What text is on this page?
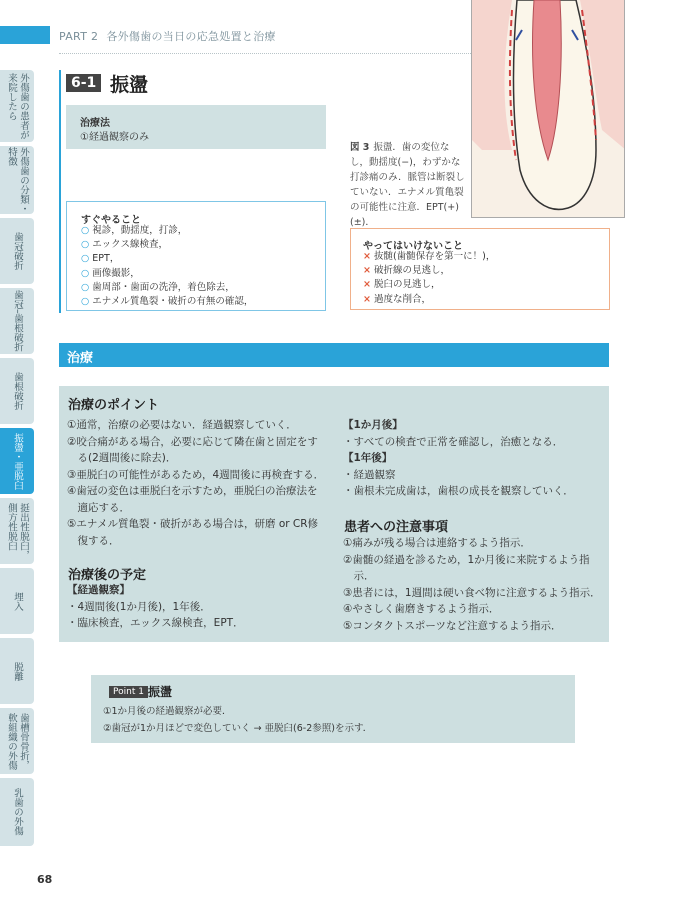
PART 2 各外傷歯の当日の応急処置と治療
外傷歯の患者が
来院したら
外傷歯の分類・
特徴
歯冠破折
歯冠–歯根破折
歯根破折
振盪・亜脱臼
挺出性脱臼，
側方性脱臼
埋入
脱離
歯槽骨骨折，
軟組織の外傷
乳歯の外傷
6-1 振盪
治療法
①経過観察のみ
すぐやること
○ 視診，動揺度，打診，
○ エックス線検査，
○ EPT，
○ 画像撮影，
○ 歯周部・歯面の洗浄，着色除去，
○ エナメル質亀裂・破折の有無の確認，
図 3 振盪．歯の変位なし，動揺度(−)，わずかな打診痛のみ．脈管は断裂していない．エナメル質亀裂の可能性に注意．EPT(+)(±)．
やってはいけないこと
× 抜髄(歯髄保存を第一に！)，
× 破折線の見逃し，
× 脱臼の見逃し，
× 過度な削合，
治療
治療のポイント
①通常，治療の必要はない．経過観察していく．
②咬合痛がある場合，必要に応じて隣在歯と固定をす
　る(2週間後に除去)．
③亜脱臼の可能性があるため，4週間後に再検査する．
④歯冠の変色は亜脱臼を示すため，亜脱臼の治療法を
　適応する．
⑤エナメル質亀裂・破折がある場合は，研磨 or CR修
　復する．
治療後の予定
【経過観察】
・4週間後(1か月後)，1年後．
・臨床検査，エックス線検査，EPT．
【1か月後】
・すべての検査で正常を確認し，治癒となる．
【1年後】
・経過観察
・歯根未完成歯は，歯根の成長を観察していく．
患者への注意事項
①痛みが残る場合は連絡するよう指示．
②歯髄の経過を診るため，1か月後に来院するよう指
　示．
③患者には，1週間は硬い食べ物に注意するよう指示．
④やさしく歯磨きするよう指示．
⑤コンタクトスポーツなど注意するよう指示．
Point 1 振盪
①1か月後の経過観察が必要．
②歯冠が1か月ほどで変色していく → 亜脱臼(6-2参照)を示す．
68
